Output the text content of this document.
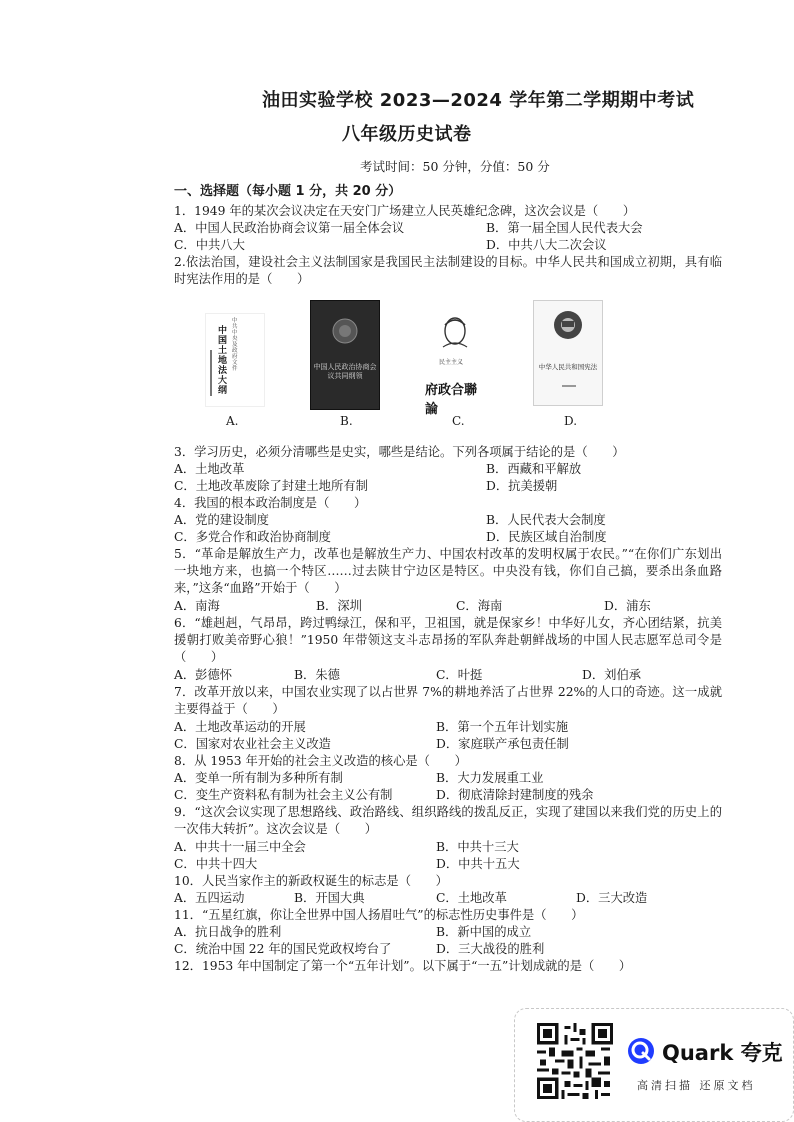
油田实验学校 2023—2024 学年第二学期期中考试
八年级历史试卷
考试时间：50 分钟，分值：50 分
一、选择题（每小题 1 分，共 20 分）
1．1949 年的某次会议决定在天安门广场建立人民英雄纪念碑，这次会议是（　　）
A．中国人民政治协商会议第一届全体会议	B．第一届全国人民代表大会
C．中共八大	D．中共八大二次会议
2.依法治国，建设社会主义法制国家是我国民主法制建设的目标。中华人民共和国成立初期，具有临时宪法作用的是（　　）
中共中央及政府文件
中国土地法大纲
A.
中国人民政治协商会议共同纲领
B.
民主主义
府政合聯論
C.
中华人民共和国宪法
D.
3．学习历史，必须分清哪些是史实，哪些是结论。下列各项属于结论的是（　　）
A．土地改革	B．西藏和平解放
C．土地改革废除了封建土地所有制	D．抗美援朝
4．我国的根本政治制度是（　　）
A．党的建设制度	B．人民代表大会制度
C．多党合作和政治协商制度	D．民族区域自治制度
5．“革命是解放生产力，改革也是解放生产力、中国农村改革的发明权属于农民。”“在你们广东划出一块地方来，也搞一个特区……过去陕甘宁边区是特区。中央没有钱，你们自己搞，要杀出条血路来，”这条“血路”开始于（　　）
A．南海	B．深圳	C．海南	D．浦东
6．“雄赳赳，气昂昂，跨过鸭绿江，保和平，卫祖国，就是保家乡！中华好儿女，齐心团结紧，抗美援朝打败美帝野心狼！”1950 年带领这支斗志昂扬的军队奔赴朝鲜战场的中国人民志愿军总司令是（　　）
A．彭德怀	B．朱德	C．叶挺	D．刘伯承
7．改革开放以来，中国农业实现了以占世界 7%的耕地养活了占世界 22%的人口的奇迹。这一成就主要得益于（　　）
A．土地改革运动的开展	B．第一个五年计划实施
C．国家对农业社会主义改造	D．家庭联产承包责任制
8．从 1953 年开始的社会主义改造的核心是（　　）
A．变单一所有制为多种所有制	B．大力发展重工业
C．变生产资料私有制为社会主义公有制	D．彻底清除封建制度的残余
9．“这次会议实现了思想路线、政治路线、组织路线的拨乱反正，实现了建国以来我们党的历史上的一次伟大转折”。这次会议是（　　）
A．中共十一届三中全会	B．中共十三大
C．中共十四大	D．中共十五大
10．人民当家作主的新政权诞生的标志是（　　）
A．五四运动	B．开国大典	C．土地改革	D．三大改造
11．“五星红旗，你让全世界中国人扬眉吐气”的标志性历史事件是（　　）
A．抗日战争的胜利	B．新中国的成立
C．统治中国 22 年的国民党政权垮台了	D．三大战役的胜利
12．1953 年中国制定了第一个“五年计划”。以下属于“一五”计划成就的是（　　）
Quark 夸克
高清扫描 还原文档
